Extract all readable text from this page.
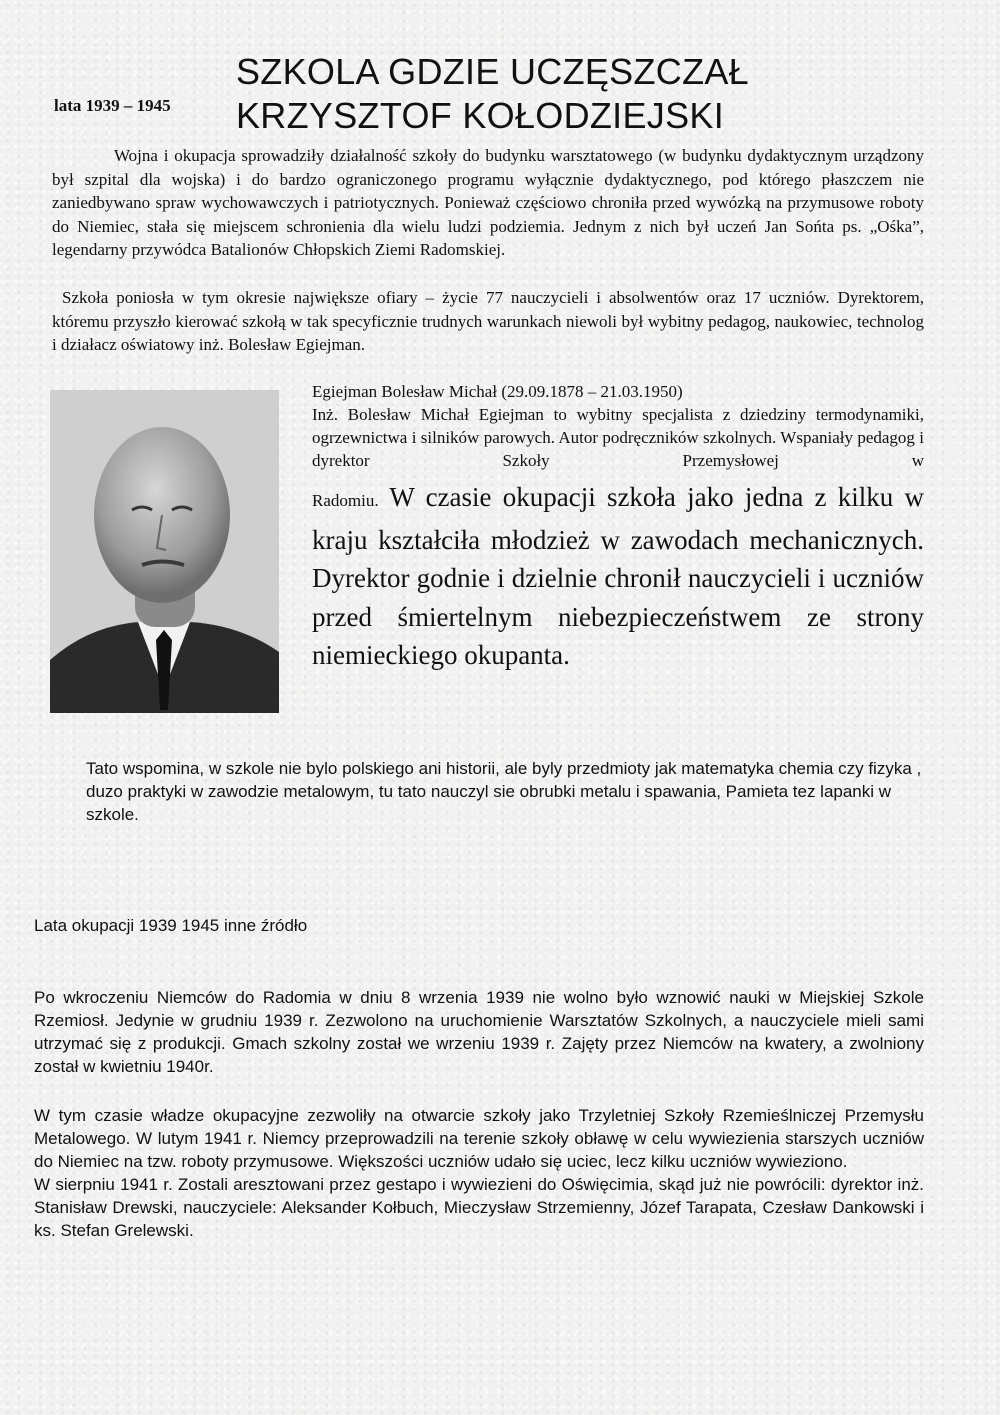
lata 1939 – 1945
SZKOLA GDZIE UCZĘSZCZAŁ
KRZYSZTOF KOŁODZIEJSKI

Wojna i okupacja sprowadziły działalność szkoły do budynku warsztatowego (w budynku dydaktycznym urządzony był szpital dla wojska) i do bardzo ograniczonego programu wyłącznie dydaktycznego, pod którego płaszczem nie zaniedbywano spraw wychowawczych i patriotycznych. Ponieważ częściowo chroniła przed wywózką na przymusowe roboty do Niemiec, stała się miejscem schronienia dla wielu ludzi podziemia. Jednym z nich był uczeń Jan Sońta ps. „Ośka”, legendarny przywódca Batalionów Chłopskich Ziemi Radomskiej.

Szkoła poniosła w tym okresie największe ofiary – życie 77 nauczycieli i absolwentów oraz 17 uczniów. Dyrektorem, któremu przyszło kierować szkołą w tak specyficznie trudnych warunkach niewoli był wybitny pedagog, naukowiec, technolog i działacz oświatowy inż. Bolesław Egiejman.

Egiejman Bolesław Michał (29.09.1878 – 21.03.1950)

Inż. Bolesław Michał Egiejman to wybitny specjalista z dziedziny termodynamiki, ogrzewnictwa i silników parowych. Autor podręczników szkolnych. Wspaniały pedagog i dyrektor Szkoły Przemysłowej w

Radomiu. W czasie okupacji szkoła jako jedna z kilku w kraju kształciła młodzież w zawodach mechanicznych. Dyrektor godnie i dzielnie chronił nauczycieli i uczniów przed śmiertelnym niebezpieczeństwem ze strony niemieckiego okupanta.

Tato wspomina, w szkole nie bylo polskiego ani historii, ale byly przedmioty jak matematyka chemia czy fizyka , duzo praktyki w zawodzie metalowym, tu tato nauczyl sie obrubki metalu i spawania, Pamieta tez lapanki w szkole.

Lata okupacji 1939 1945 inne źródło

Po wkroczeniu Niemców do Radomia w dniu 8 wrzenia 1939 nie wolno było wznowić nauki w Miejskiej Szkole Rzemiosł. Jedynie w grudniu 1939 r. Zezwolono na uruchomienie Warsztatów Szkolnych, a nauczyciele mieli sami utrzymać się z produkcji. Gmach szkolny został we wrzeniu 1939 r. Zajęty przez Niemców na kwatery, a zwolniony został w kwietniu 1940r.

W tym czasie władze okupacyjne zezwoliły na otwarcie szkoły jako Trzyletniej Szkoły Rzemieślniczej Przemysłu Metalowego. W lutym 1941 r. Niemcy przeprowadzili na terenie szkoły obławę w celu wywiezienia starszych uczniów do Niemiec na tzw. roboty przymusowe. Większości uczniów udało się uciec, lecz kilku uczniów wywieziono.
W sierpniu 1941 r. Zostali aresztowani przez gestapo i wywiezieni do Oświęcimia, skąd już nie powrócili: dyrektor inż. Stanisław Drewski, nauczyciele: Aleksander Kołbuch, Mieczysław Strzemienny, Józef Tarapata, Czesław Dankowski i ks. Stefan Grelewski.
